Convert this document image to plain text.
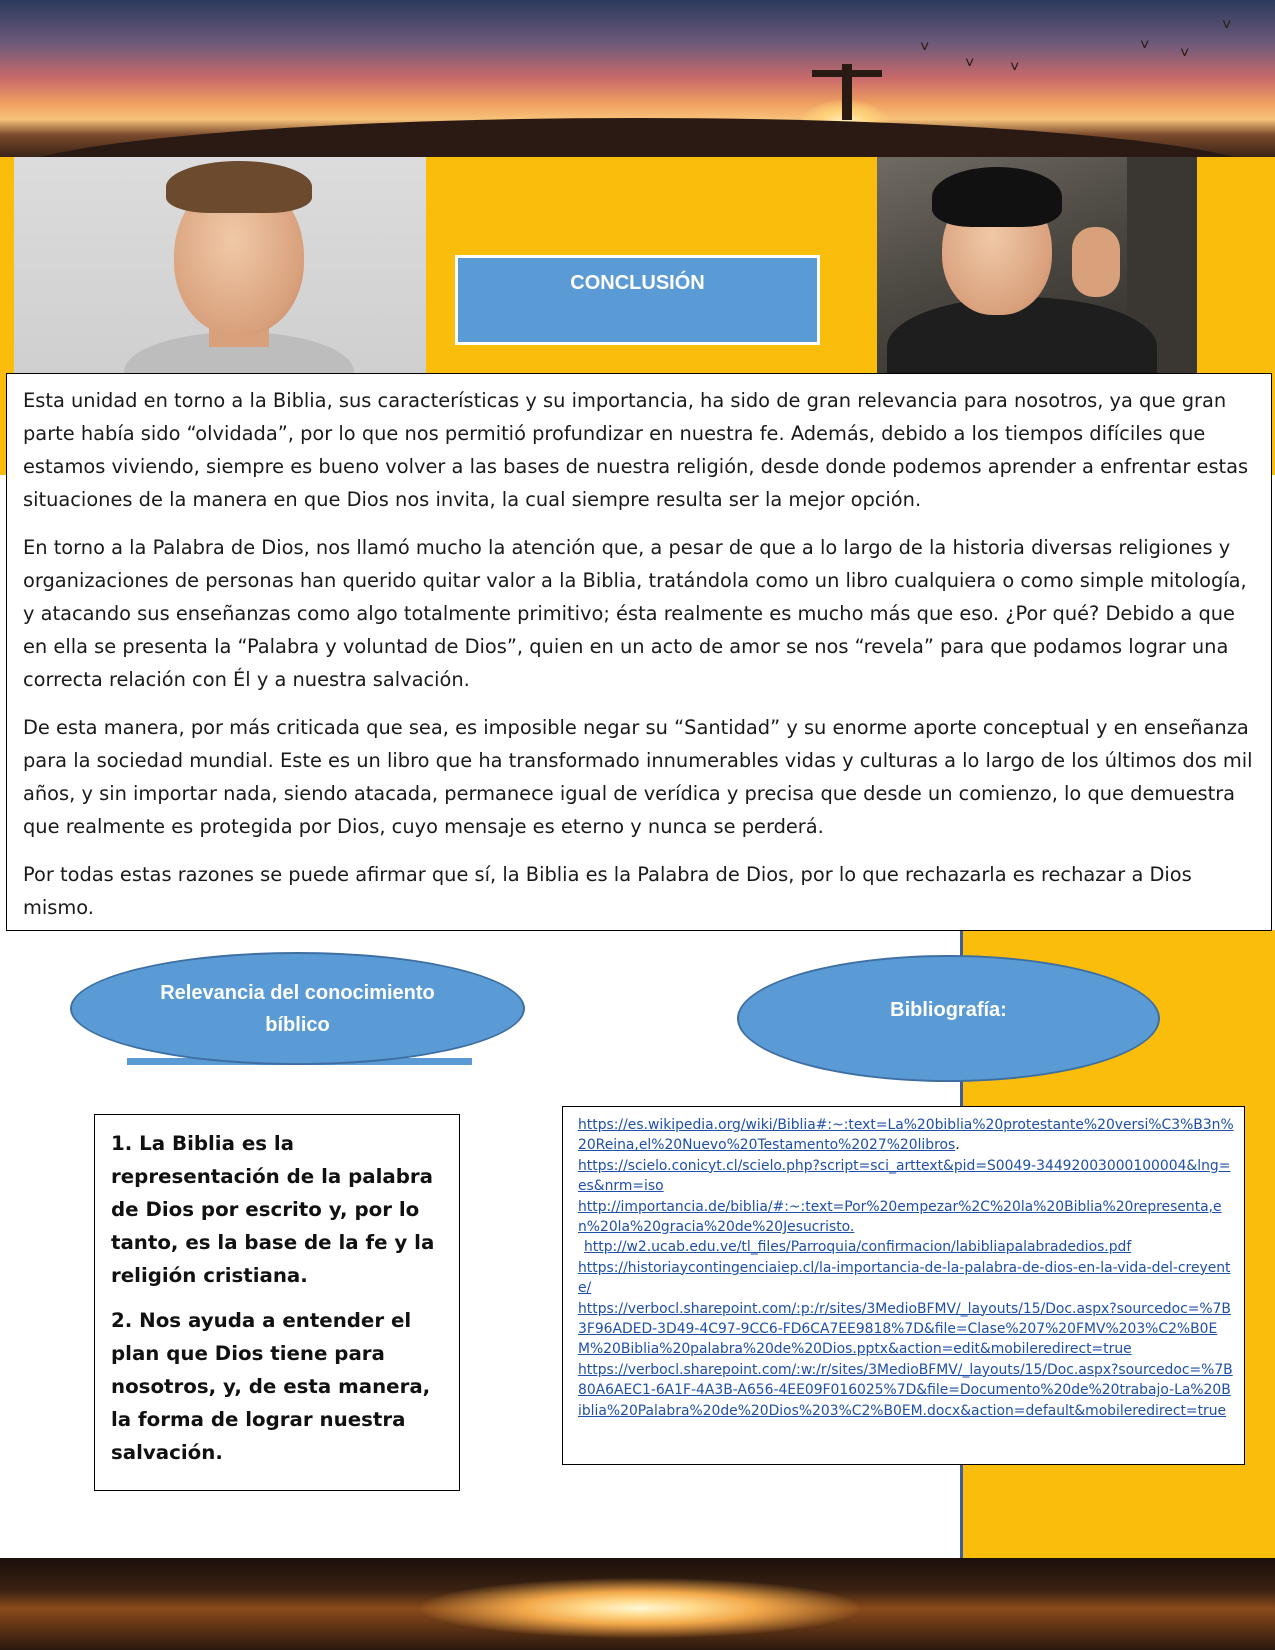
˅
˅ ˅
˅ ˅
˅
CONCLUSIÓN

Esta unidad en torno a la Biblia, sus características y su importancia, ha sido de gran relevancia para nosotros, ya que gran parte había sido “olvidada”, por lo que nos permitió profundizar en nuestra fe. Además, debido a los tiempos difíciles que estamos viviendo, siempre es bueno volver a las bases de nuestra religión, desde donde podemos aprender a enfrentar estas situaciones de la manera en que Dios nos invita, la cual siempre resulta ser la mejor opción.

En torno a la Palabra de Dios, nos llamó mucho la atención que, a pesar de que a lo largo de la historia diversas religiones y organizaciones de personas han querido quitar valor a la Biblia, tratándola como un libro cualquiera o como simple mitología, y atacando sus enseñanzas como algo totalmente primitivo; ésta realmente es mucho más que eso. ¿Por qué? Debido a que en ella se presenta la “Palabra y voluntad de Dios”, quien en un acto de amor se nos “revela” para que podamos lograr una correcta relación con Él y a nuestra salvación.

De esta manera, por más criticada que sea, es imposible negar su “Santidad” y su enorme aporte conceptual y en enseñanza para la sociedad mundial. Este es un libro que ha transformado innumerables vidas y culturas a lo largo de los últimos dos mil años, y sin importar nada, siendo atacada, permanece igual de verídica y precisa que desde un comienzo, lo que demuestra que realmente es protegida por Dios, cuyo mensaje es eterno y nunca se perderá.

Por todas estas razones se puede afirmar que sí, la Biblia es la Palabra de Dios, por lo que rechazarla es rechazar a Dios mismo.

Relevancia del conocimiento bíblico
Bibliografía:

1. La Biblia es la representación de la palabra de Dios por escrito y, por lo tanto, es la base de la fe y la religión cristiana.

2. Nos ayuda a entender el plan que Dios tiene para nosotros, y, de esta manera, la forma de lograr nuestra salvación.

https://es.wikipedia.org/wiki/Biblia#:~:text=La%20biblia%20protestante%20versi%C3%B3n%20Reina,el%20Nuevo%20Testamento%2027%20libros.
https://scielo.conicyt.cl/scielo.php?script=sci_arttext&pid=S0049-34492003000100004&lng=es&nrm=iso
http://importancia.de/biblia/#:~:text=Por%20empezar%2C%20la%20Biblia%20representa,en%20la%20gracia%20de%20Jesucristo.
http://w2.ucab.edu.ve/tl_files/Parroquia/confirmacion/labibliapalabradedios.pdf
https://historiaycontingenciaiep.cl/la-importancia-de-la-palabra-de-dios-en-la-vida-del-creyente/
https://verbocl.sharepoint.com/:p:/r/sites/3MedioBFMV/_layouts/15/Doc.aspx?sourcedoc=%7B3F96ADED-3D49-4C97-9CC6-FD6CA7EE9818%7D&file=Clase%207%20FMV%203%C2%B0EM%20Biblia%20palabra%20de%20Dios.pptx&action=edit&mobileredirect=true
https://verbocl.sharepoint.com/:w:/r/sites/3MedioBFMV/_layouts/15/Doc.aspx?sourcedoc=%7B80A6AEC1-6A1F-4A3B-A656-4EE09F016025%7D&file=Documento%20de%20trabajo-La%20Biblia%20Palabra%20de%20Dios%203%C2%B0EM.docx&action=default&mobileredirect=true
